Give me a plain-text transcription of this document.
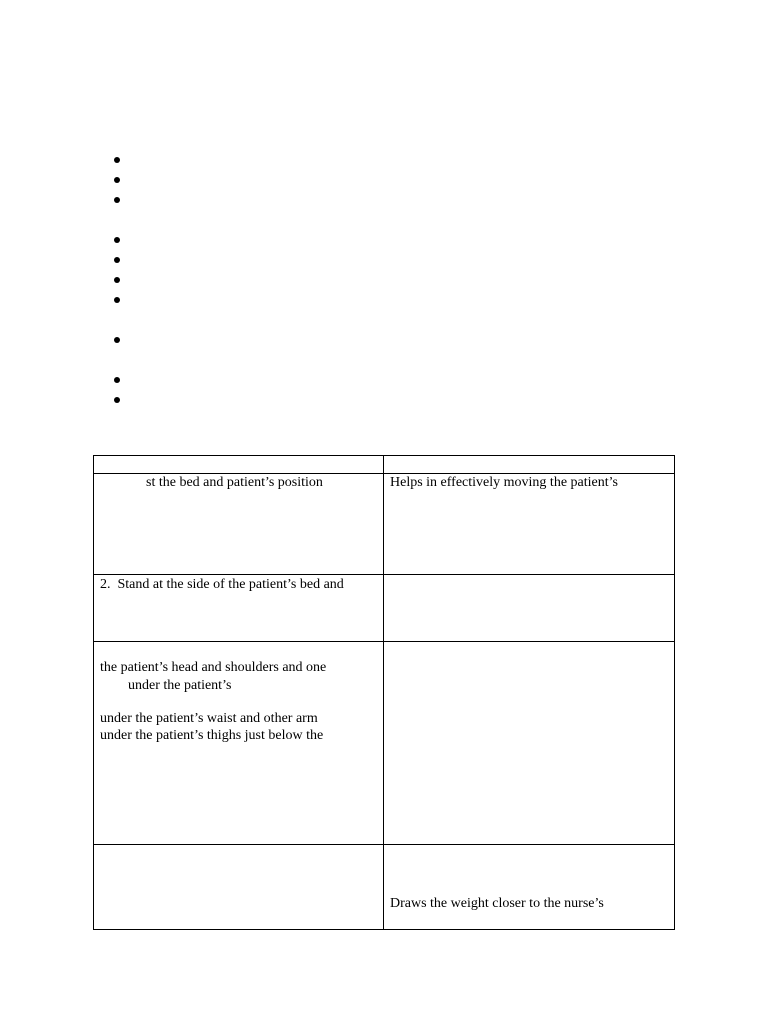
st the bed and patient’s position	Helps in effectively moving the patient’s
2.  Stand at the side of the patient’s bed and
the patient’s head and shoulders and one
under the patient’s
under the patient’s waist and other arm
under the patient’s thighs just below the
Draws the weight closer to the nurse’s
